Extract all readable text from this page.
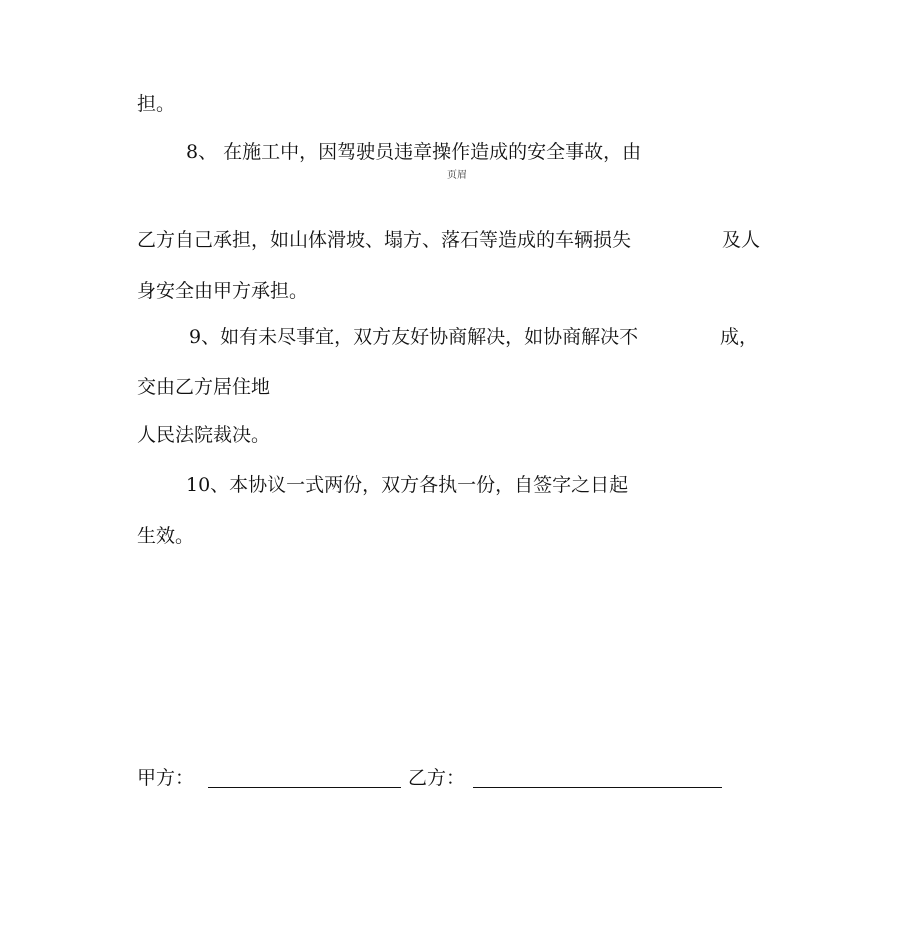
担。
8、 在施工中，因驾驶员违章操作造成的安全事故，由
页眉
乙方自己承担，如山体滑坡、塌方、落石等造成的车辆损失	及人
身安全由甲方承担。
9、如有未尽事宜，双方友好协商解决，如协商解决不	成，
交由乙方居住地
人民法院裁决。
10、本协议一式两份，双方各执一份，自签字之日起
生效。
甲方：	乙方：
